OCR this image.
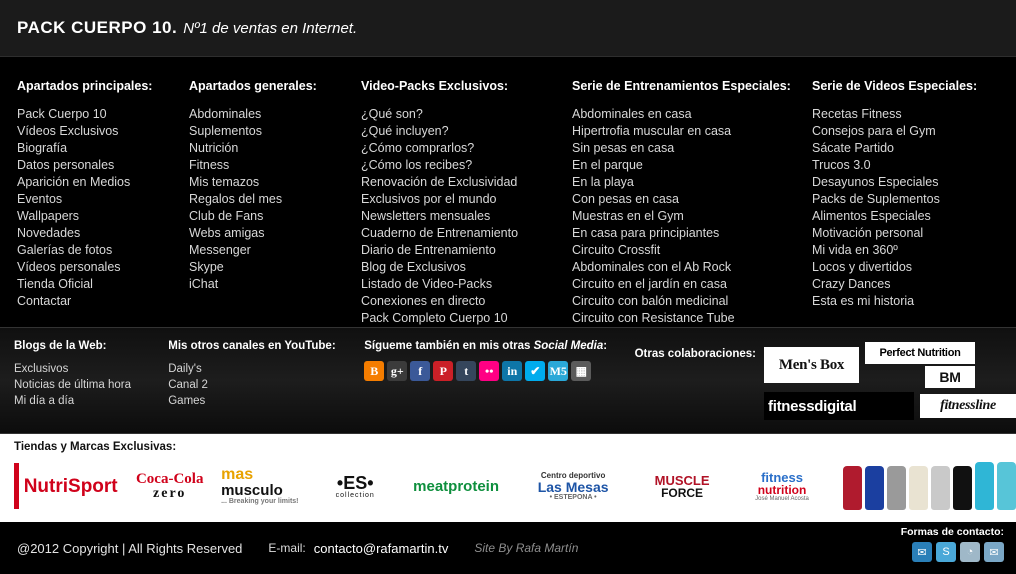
PACK CUERPO 10. Nº1 de ventas en Internet.
Apartados principales:
Pack Cuerpo 10
Vídeos Exclusivos
Biografía
Datos personales
Aparición en Medios
Eventos
Wallpapers
Novedades
Galerías de fotos
Vídeos personales
Tienda Oficial
Contactar
Apartados generales:
Abdominales
Suplementos
Nutrición
Fitness
Mis temazos
Regalos del mes
Club de Fans
Webs amigas
Messenger
Skype
iChat
Video-Packs Exclusivos:
¿Qué son?
¿Qué incluyen?
¿Cómo comprarlos?
¿Cómo los recibes?
Renovación de Exclusividad
Exclusivos por el mundo
Newsletters mensuales
Cuaderno de Entrenamiento
Diario de Entrenamiento
Blog de Exclusivos
Listado de Video-Packs
Conexiones en directo
Pack Completo Cuerpo 10
Serie de Entrenamientos Especiales:
Abdominales en casa
Hipertrofia muscular en casa
Sin pesas en casa
En el parque
En la playa
Con pesas en casa
Muestras en el Gym
En casa para principiantes
Circuito Crossfit
Abdominales con el Ab Rock
Circuito en el jardín en casa
Circuito con balón medicinal
Circuito con Resistance Tube
Serie de Videos Especiales:
Recetas Fitness
Consejos para el Gym
Sácate Partido
Trucos 3.0
Desayunos Especiales
Packs de Suplementos
Alimentos Especiales
Motivación personal
Mi vida en 360º
Locos y divertidos
Crazy Dances
Esta es mi historia
Blogs de la Web:
Exclusivos
Noticias de última hora
Mi día a día
Mis otros canales en YouTube:
Daily's
Canal 2
Games
Sígueme también en mis otras Social Media:
B	g+	f	P	t	••	in	✔ M5 ▦
Otras colaboraciones:
Men's Box
Perfect Nutrition
BM
fitnessdigital	fitnessline
Tiendas y Marcas Exclusivas:
NutriSport Coca-Cola
zero
mas
musculo
... Breaking your limits!
•ES•
collection
meatprotein
Centro deportivo
Las Mesas
• ESTEPONA •
MUSCLE
FORCE
fitness
nutrition
José Manuel Acosta
@2012 Copyright | All Rights Reserved E-mail: contacto@rafamartin.tv Site By Rafa Martín
Formas de contacto:
✉	S	◔	✉
